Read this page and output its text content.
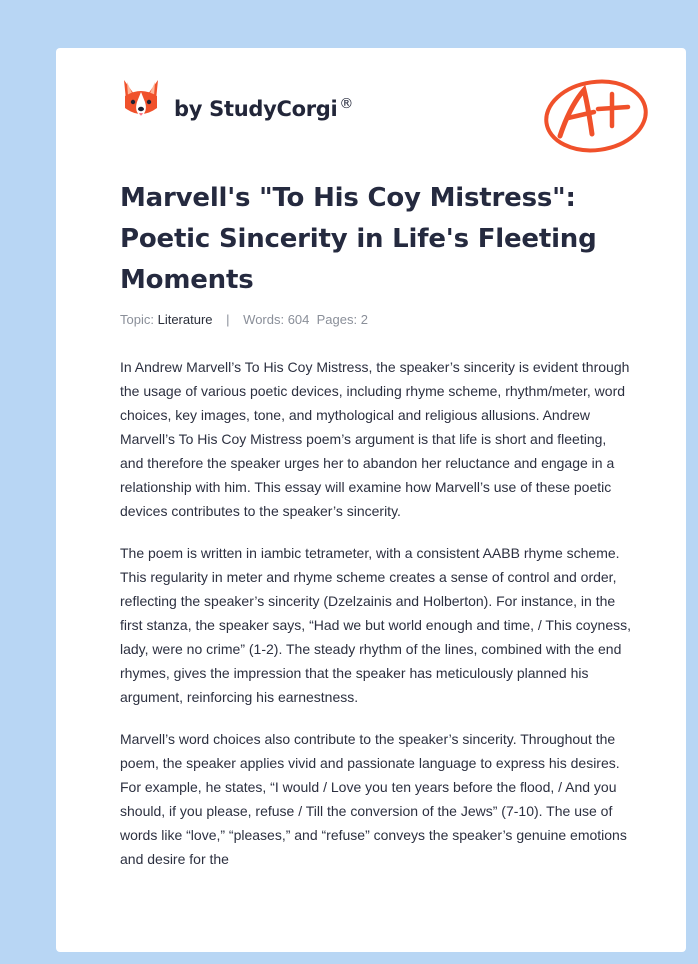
by StudyCorgi ®
Marvell's "To His Coy Mistress": Poetic Sincerity in Life's Fleeting Moments
Topic: Literature | Words: 604 Pages: 2

In Andrew Marvell’s To His Coy Mistress, the speaker’s sincerity is evident through the usage of various poetic devices, including rhyme scheme, rhythm/meter, word choices, key images, tone, and mythological and religious allusions. Andrew Marvell’s To His Coy Mistress poem’s argument is that life is short and fleeting, and therefore the speaker urges her to abandon her reluctance and engage in a relationship with him. This essay will examine how Marvell’s use of these poetic devices contributes to the speaker’s sincerity.

The poem is written in iambic tetrameter, with a consistent AABB rhyme scheme. This regularity in meter and rhyme scheme creates a sense of control and order, reflecting the speaker’s sincerity (Dzelzainis and Holberton). For instance, in the first stanza, the speaker says, “Had we but world enough and time, / This coyness, lady, were no crime” (1-2). The steady rhythm of the lines, combined with the end rhymes, gives the impression that the speaker has meticulously planned his argument, reinforcing his earnestness.

Marvell’s word choices also contribute to the speaker’s sincerity. Throughout the poem, the speaker applies vivid and passionate language to express his desires. For example, he states, “I would / Love you ten years before the flood, / And you should, if you please, refuse / Till the conversion of the Jews” (7-10). The use of words like “love,” “pleases,” and “refuse” conveys the speaker’s genuine emotions and desire for the
